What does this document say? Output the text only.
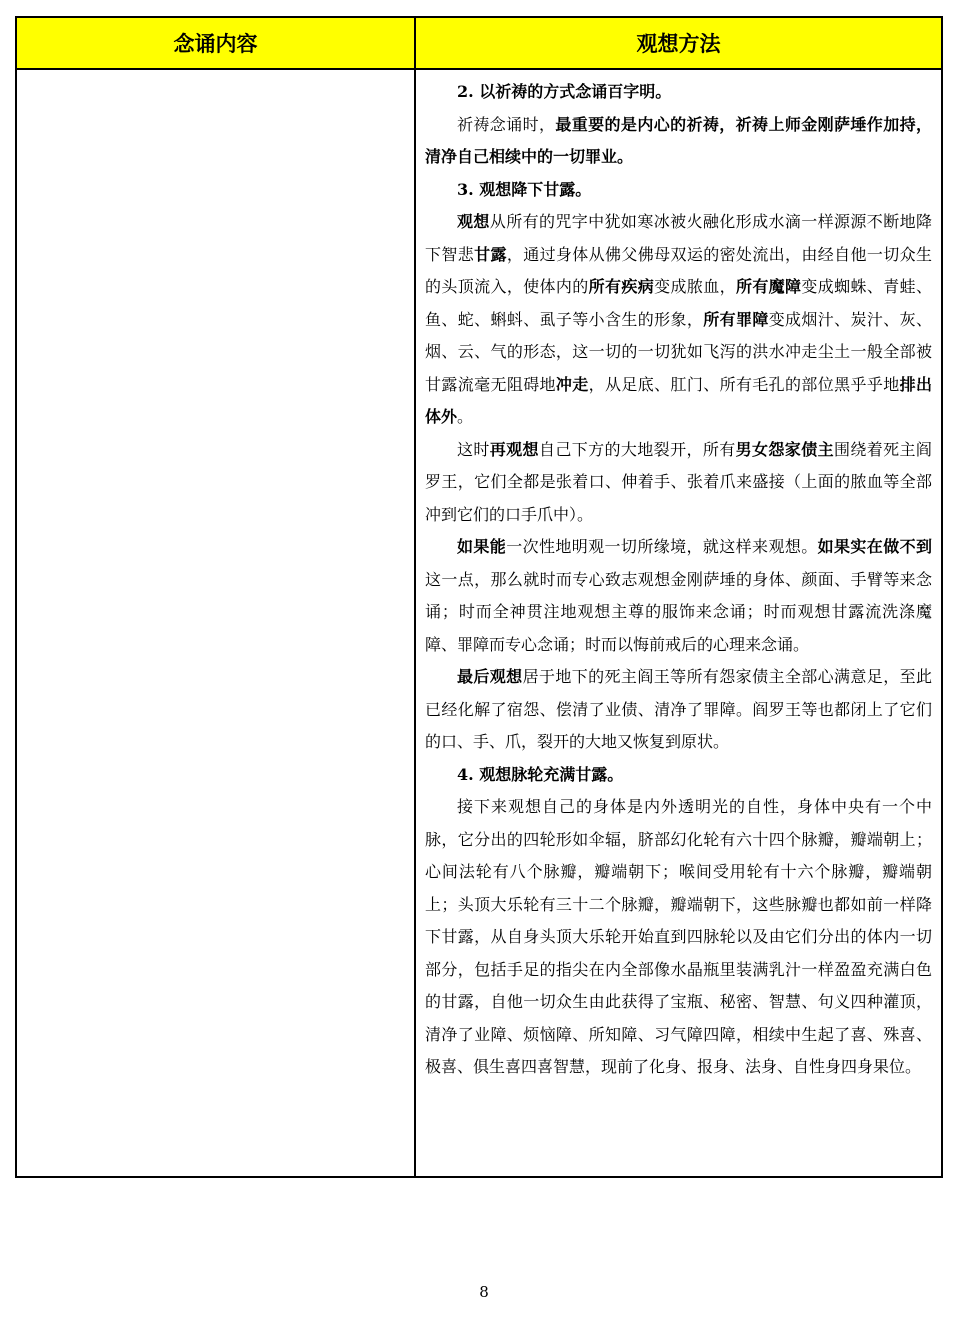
念诵内容	观想方法

2. 以祈祷的方式念诵百字明。

祈祷念诵时，最重要的是内心的祈祷，祈祷上师金刚萨埵作加持，清净自己相续中的一切罪业。

3. 观想降下甘露。

观想从所有的咒字中犹如寒冰被火融化形成水滴一样源源不断地降下智悲甘露，通过身体从佛父佛母双运的密处流出，由经自他一切众生的头顶流入，使体内的所有疾病变成脓血，所有魔障变成蜘蛛、青蛙、鱼、蛇、蝌蚪、虱子等小含生的形象，所有罪障变成烟汁、炭汁、灰、烟、云、气的形态，这一切的一切犹如飞泻的洪水冲走尘土一般全部被甘露流毫无阻碍地冲走，从足底、肛门、所有毛孔的部位黑乎乎地排出体外。

这时再观想自己下方的大地裂开，所有男女怨家债主围绕着死主阎罗王，它们全都是张着口、伸着手、张着爪来盛接（上面的脓血等全部冲到它们的口手爪中）。

如果能一次性地明观一切所缘境，就这样来观想。如果实在做不到这一点，那么就时而专心致志观想金刚萨埵的身体、颜面、手臂等来念诵；时而全神贯注地观想主尊的服饰来念诵；时而观想甘露流洗涤魔障、罪障而专心念诵；时而以悔前戒后的心理来念诵。

最后观想居于地下的死主阎王等所有怨家债主全部心满意足，至此已经化解了宿怨、偿清了业债、清净了罪障。阎罗王等也都闭上了它们的口、手、爪，裂开的大地又恢复到原状。

4. 观想脉轮充满甘露。

接下来观想自己的身体是内外透明光的自性，身体中央有一个中脉，它分出的四轮形如伞辐，脐部幻化轮有六十四个脉瓣，瓣端朝上；心间法轮有八个脉瓣，瓣端朝下；喉间受用轮有十六个脉瓣，瓣端朝上；头顶大乐轮有三十二个脉瓣，瓣端朝下，这些脉瓣也都如前一样降下甘露，从自身头顶大乐轮开始直到四脉轮以及由它们分出的体内一切部分，包括手足的指尖在内全部像水晶瓶里装满乳汁一样盈盈充满白色的甘露，自他一切众生由此获得了宝瓶、秘密、智慧、句义四种灌顶，清净了业障、烦恼障、所知障、习气障四障，相续中生起了喜、殊喜、极喜、俱生喜四喜智慧，现前了化身、报身、法身、自性身四身果位。

8
